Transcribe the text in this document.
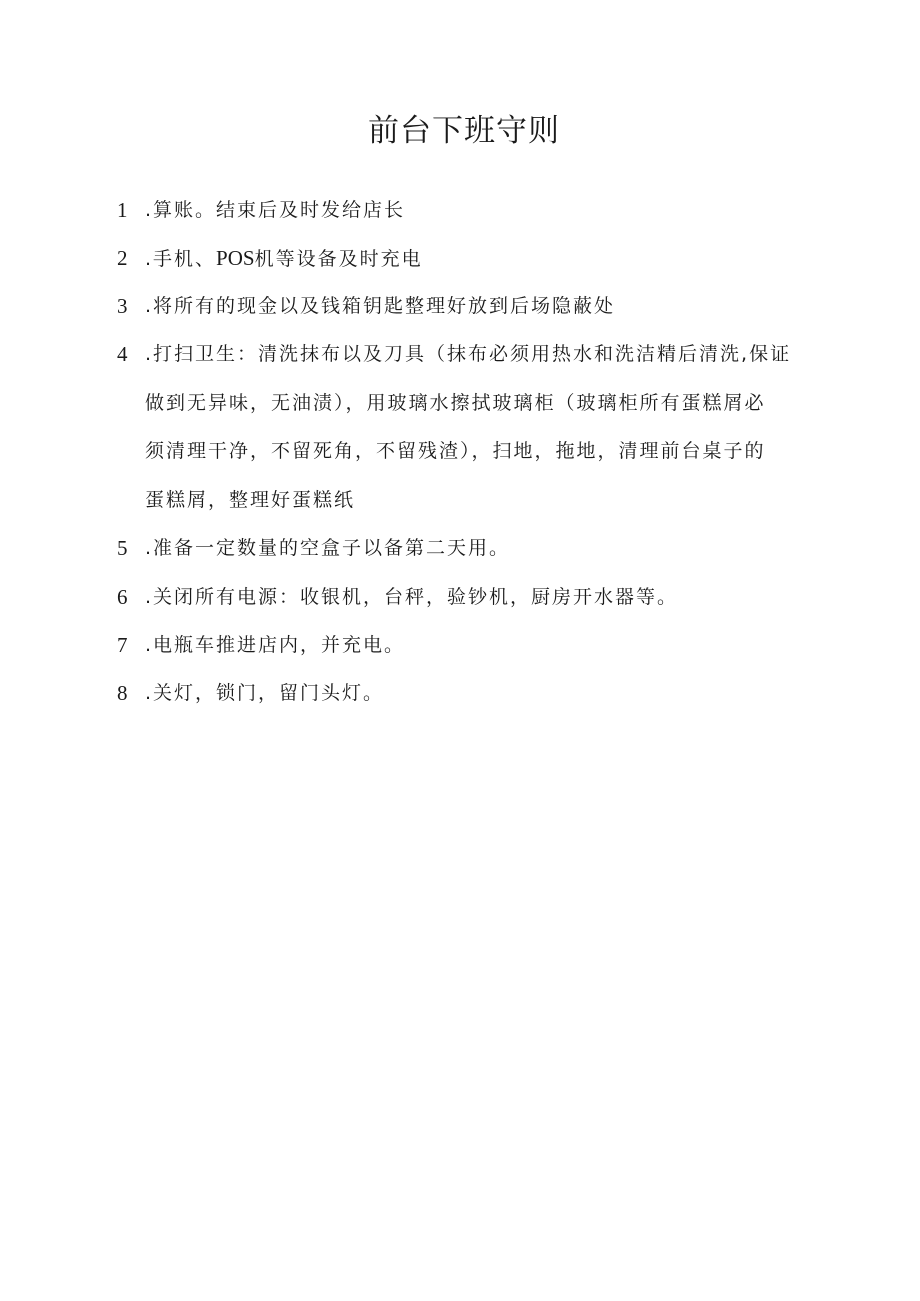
前台下班守则
1 .算账。结束后及时发给店长
2 .手机、POS机等设备及时充电
3 .将所有的现金以及钱箱钥匙整理好放到后场隐蔽处
4 .打扫卫生：清洗抹布以及刀具（抹布必须用热水和洗洁精后清洗,保证
做到无异味，无油渍），用玻璃水擦拭玻璃柜（玻璃柜所有蛋糕屑必
须清理干净，不留死角，不留残渣），扫地，拖地，清理前台桌子的
蛋糕屑，整理好蛋糕纸
5 .准备一定数量的空盒子以备第二天用。
6 .关闭所有电源：收银机，台秤，验钞机，厨房开水器等。
7 .电瓶车推进店内，并充电。
8 .关灯，锁门，留门头灯。
